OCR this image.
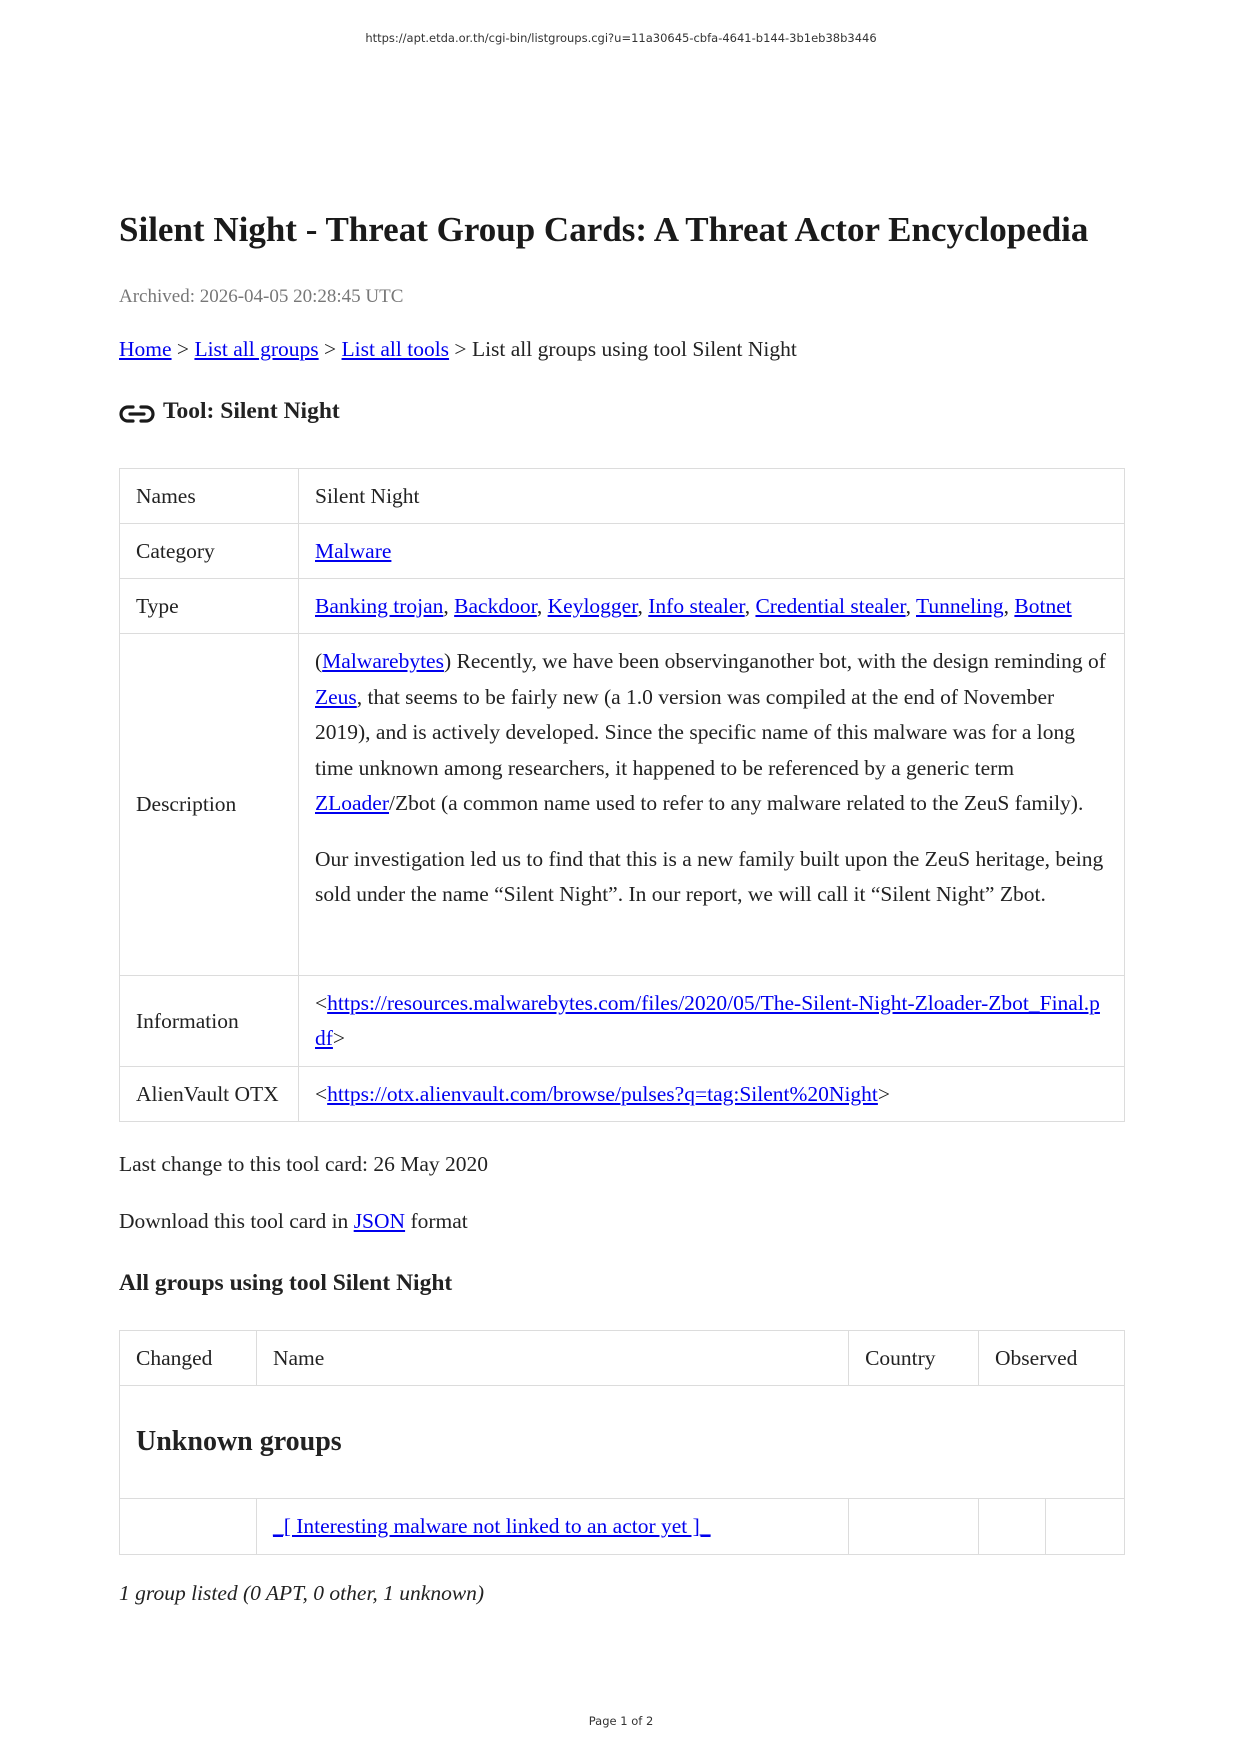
https://apt.etda.or.th/cgi-bin/listgroups.cgi?u=11a30645-cbfa-4641-b144-3b1eb38b3446
Silent Night - Threat Group Cards: A Threat Actor Encyclopedia
Archived: 2026-04-05 20:28:45 UTC
Home > List all groups > List all tools > List all groups using tool Silent Night
Tool: Silent Night
Names	Silent Night
Category	Malware
Type	Banking trojan, Backdoor, Keylogger, Info stealer, Credential stealer, Tunneling, Botnet
Description	(Malwarebytes) Recently, we have been observinganother bot, with the design reminding of Zeus, that seems to be fairly new (a 1.0 version was compiled at the end of November 2019), and is actively developed. Since the specific name of this malware was for a long time unknown among researchers, it happened to be referenced by a generic term ZLoader/Zbot (a common name used to refer to any malware related to the ZeuS family).

Our investigation led us to find that this is a new family built upon the ZeuS heritage, being sold under the name “Silent Night”. In our report, we will call it “Silent Night” Zbot.

Information	<https://resources.malwarebytes.com/files/2020/05/The-Silent-Night-Zloader-Zbot_Final.pdf>
AlienVault OTX	<https://otx.alienvault.com/browse/pulses?q=tag:Silent%20Night>
Last change to this tool card: 26 May 2020
Download this tool card in JSON format
All groups using tool Silent Night
Changed	Name	Country	Observed	
Unknown groups				
	_[ Interesting malware not linked to an actor yet ]_			
1 group listed (0 APT, 0 other, 1 unknown)
Page 1 of 2
